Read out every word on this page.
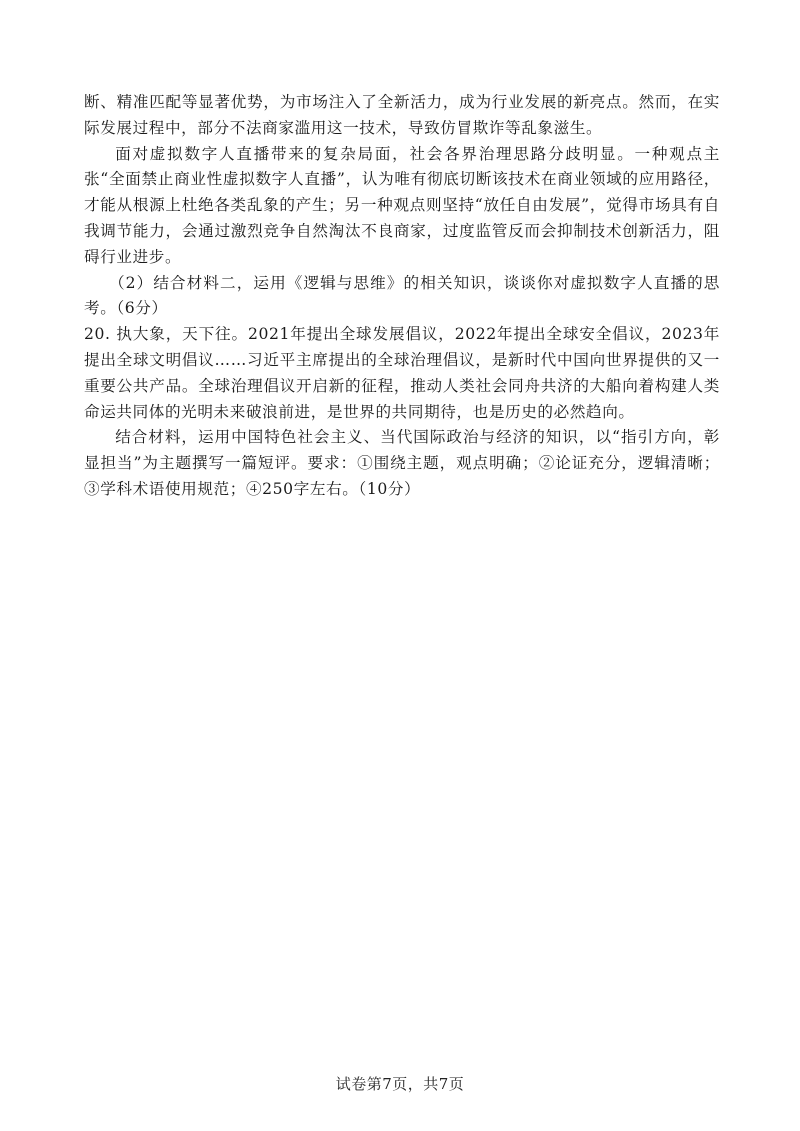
断、精准匹配等显著优势，为市场注入了全新活力，成为行业发展的新亮点。然而，在实际发展过程中，部分不法商家滥用这一技术，导致仿冒欺诈等乱象滋生。

面对虚拟数字人直播带来的复杂局面，社会各界治理思路分歧明显。一种观点主张“全面禁止商业性虚拟数字人直播”，认为唯有彻底切断该技术在商业领域的应用路径，才能从根源上杜绝各类乱象的产生；另一种观点则坚持“放任自由发展”，觉得市场具有自我调节能力，会通过激烈竞争自然淘汰不良商家，过度监管反而会抑制技术创新活力，阻碍行业进步。

（2）结合材料二，运用《逻辑与思维》的相关知识，谈谈你对虚拟数字人直播的思考。（6分）

20. 执大象，天下往。2021年提出全球发展倡议，2022年提出全球安全倡议，2023年提出全球文明倡议……习近平主席提出的全球治理倡议，是新时代中国向世界提供的又一重要公共产品。全球治理倡议开启新的征程，推动人类社会同舟共济的大船向着构建人类命运共同体的光明未来破浪前进，是世界的共同期待，也是历史的必然趋向。

结合材料，运用中国特色社会主义、当代国际政治与经济的知识，以“指引方向，彰显担当”为主题撰写一篇短评。要求：①围绕主题，观点明确；②论证充分，逻辑清晰；③学科术语使用规范；④250字左右。（10分）

试卷第7页，共7页
